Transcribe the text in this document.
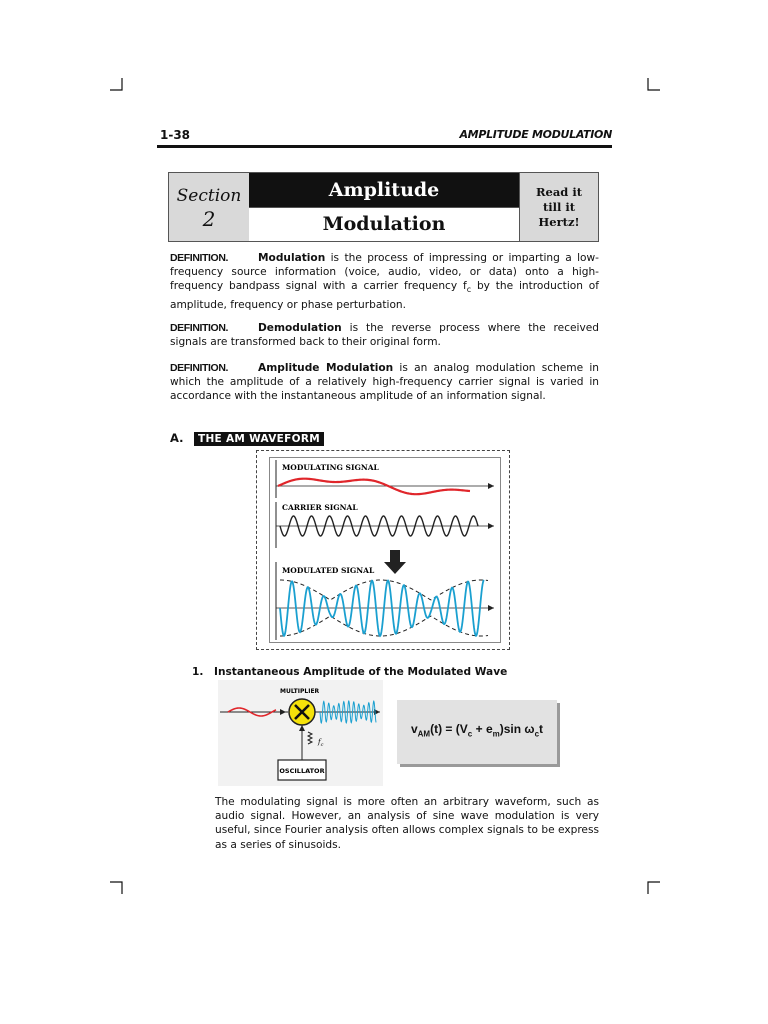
1-38	AMPLITUDE MODULATION
Section
2
Amplitude
Modulation
Read it
till it
Hertz!
DEFINITION.	Modulation is the process of impressing or imparting a low-frequency source information (voice, audio, video, or data) onto a high-frequency bandpass signal with a carrier frequency $f_c$ by the introduction of amplitude, frequency or phase perturbation.
DEFINITION.	Demodulation is the reverse process where the received signals are transformed back to their original form.
DEFINITION.	Amplitude Modulation is an analog modulation scheme in which the amplitude of a relatively high-frequency carrier signal is varied in accordance with the instantaneous amplitude of an information signal.
A. THE AM WAVEFORM
MODULATING SIGNAL
CARRIER SIGNAL
MODULATED SIGNAL
1. Instantaneous Amplitude of the Modulated Wave
MULTIPLIER
$f_c$
OSCILLATOR
$v_{AM}(t) = (V_c + e_m)\sin$ $\omega_ct$
The modulating signal is more often an arbitrary waveform, such as audio signal. However, an analysis of sine wave modulation is very useful, since Fourier analysis often allows complex signals to be express as a series of sinusoids.
